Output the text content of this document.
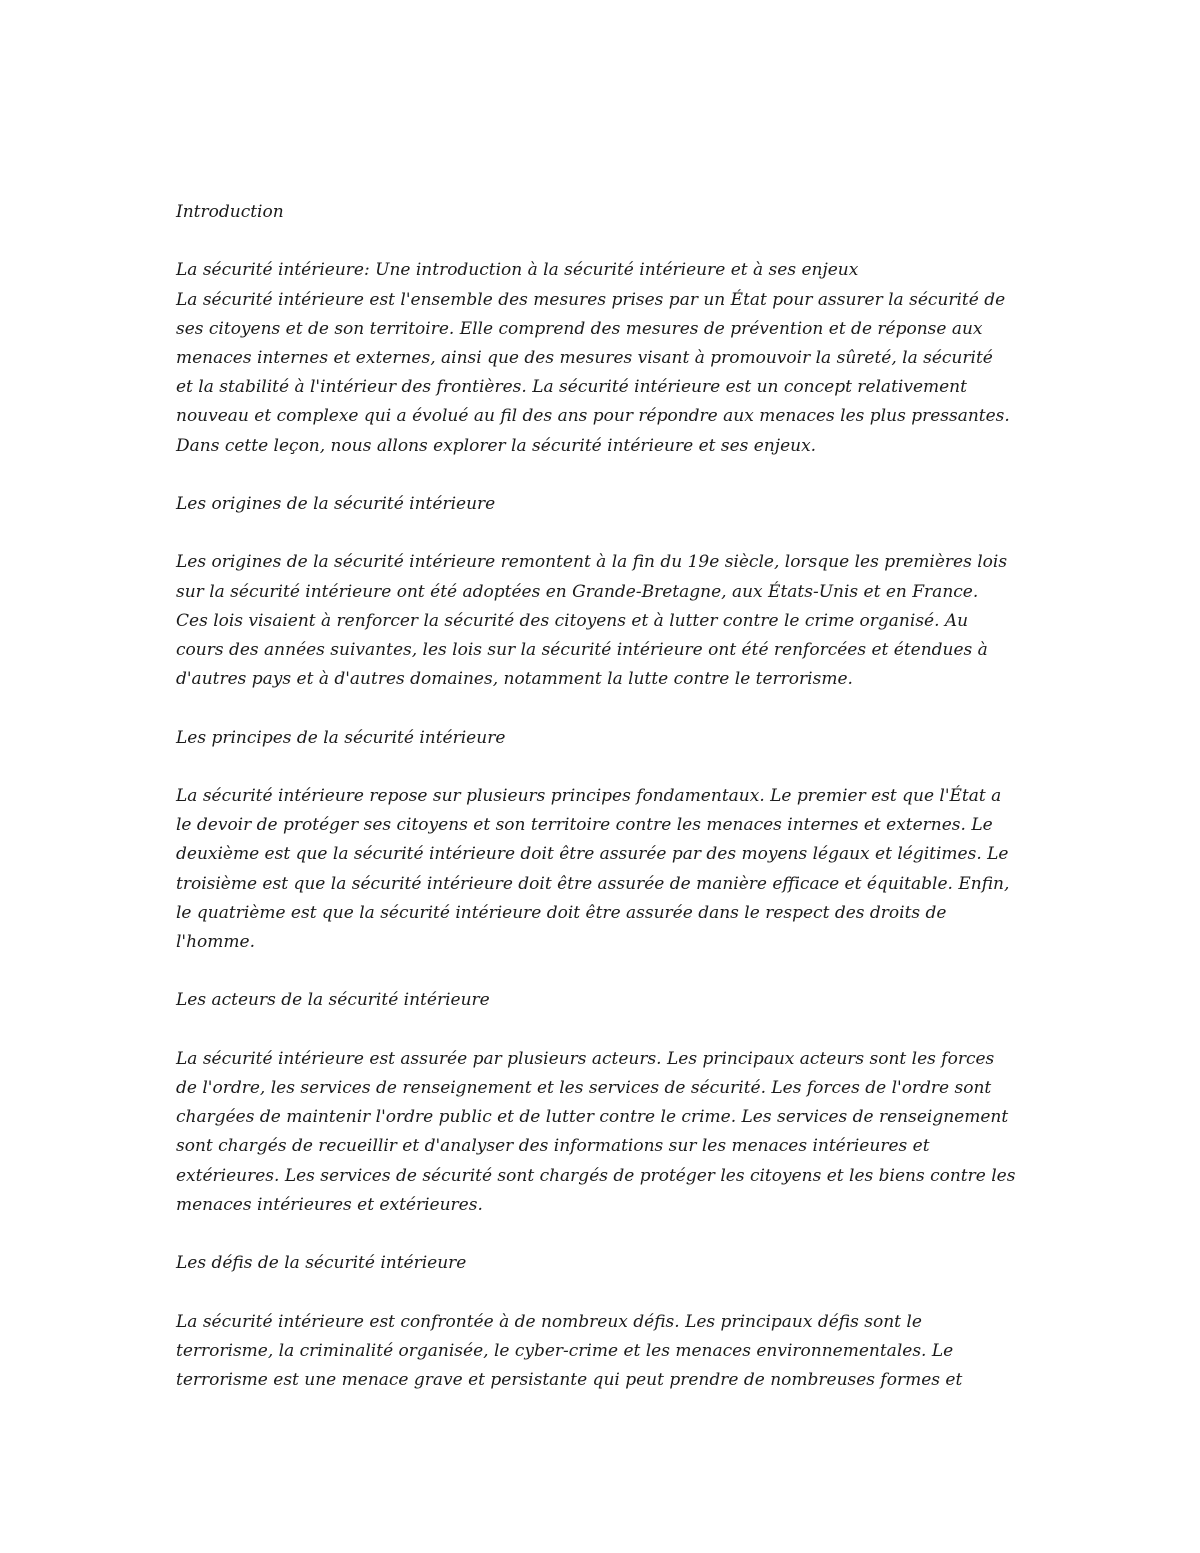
Introduction

La sécurité intérieure: Une introduction à la sécurité intérieure et à ses enjeux

La sécurité intérieure est l'ensemble des mesures prises par un État pour assurer la sécurité de
ses citoyens et de son territoire. Elle comprend des mesures de prévention et de réponse aux
menaces internes et externes, ainsi que des mesures visant à promouvoir la sûreté, la sécurité
et la stabilité à l'intérieur des frontières. La sécurité intérieure est un concept relativement
nouveau et complexe qui a évolué au fil des ans pour répondre aux menaces les plus pressantes.
Dans cette leçon, nous allons explorer la sécurité intérieure et ses enjeux.

Les origines de la sécurité intérieure

Les origines de la sécurité intérieure remontent à la fin du 19e siècle, lorsque les premières lois
sur la sécurité intérieure ont été adoptées en Grande-Bretagne, aux États-Unis et en France.
Ces lois visaient à renforcer la sécurité des citoyens et à lutter contre le crime organisé. Au
cours des années suivantes, les lois sur la sécurité intérieure ont été renforcées et étendues à
d'autres pays et à d'autres domaines, notamment la lutte contre le terrorisme.

Les principes de la sécurité intérieure

La sécurité intérieure repose sur plusieurs principes fondamentaux. Le premier est que l'État a
le devoir de protéger ses citoyens et son territoire contre les menaces internes et externes. Le
deuxième est que la sécurité intérieure doit être assurée par des moyens légaux et légitimes. Le
troisième est que la sécurité intérieure doit être assurée de manière efficace et équitable. Enfin,
le quatrième est que la sécurité intérieure doit être assurée dans le respect des droits de
l'homme.

Les acteurs de la sécurité intérieure

La sécurité intérieure est assurée par plusieurs acteurs. Les principaux acteurs sont les forces
de l'ordre, les services de renseignement et les services de sécurité. Les forces de l'ordre sont
chargées de maintenir l'ordre public et de lutter contre le crime. Les services de renseignement
sont chargés de recueillir et d'analyser des informations sur les menaces intérieures et
extérieures. Les services de sécurité sont chargés de protéger les citoyens et les biens contre les
menaces intérieures et extérieures.

Les défis de la sécurité intérieure

La sécurité intérieure est confrontée à de nombreux défis. Les principaux défis sont le
terrorisme, la criminalité organisée, le cyber-crime et les menaces environnementales. Le
terrorisme est une menace grave et persistante qui peut prendre de nombreuses formes et
